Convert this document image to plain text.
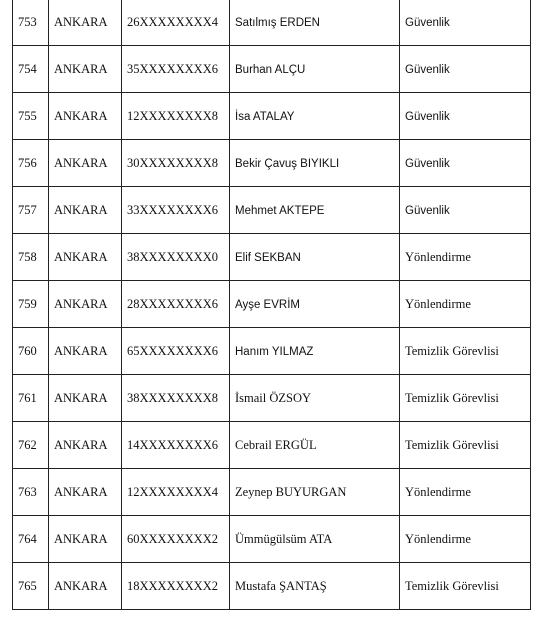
753	ANKARA	26XXXXXXXX4	Satılmış ERDEN	Güvenlik
754	ANKARA	35XXXXXXXX6	Burhan ALÇU	Güvenlik
755	ANKARA	12XXXXXXXX8	İsa ATALAY	Güvenlik
756	ANKARA	30XXXXXXXX8	Bekir Çavuş BIYIKLI	Güvenlik
757	ANKARA	33XXXXXXXX6	Mehmet AKTEPE	Güvenlik
758	ANKARA	38XXXXXXXX0	Elif SEKBAN	Yönlendirme
759	ANKARA	28XXXXXXXX6	Ayşe EVRİM	Yönlendirme
760	ANKARA	65XXXXXXXX6	Hanım YILMAZ	Temizlik Görevlisi
761	ANKARA	38XXXXXXXX8	İsmail ÖZSOY	Temizlik Görevlisi
762	ANKARA	14XXXXXXXX6	Cebrail ERGÜL	Temizlik Görevlisi
763	ANKARA	12XXXXXXXX4	Zeynep BUYURGAN	Yönlendirme
764	ANKARA	60XXXXXXXX2	Ümmügülsüm ATA	Yönlendirme
765	ANKARA	18XXXXXXXX2	Mustafa ŞANTAŞ	Temizlik Görevlisi
